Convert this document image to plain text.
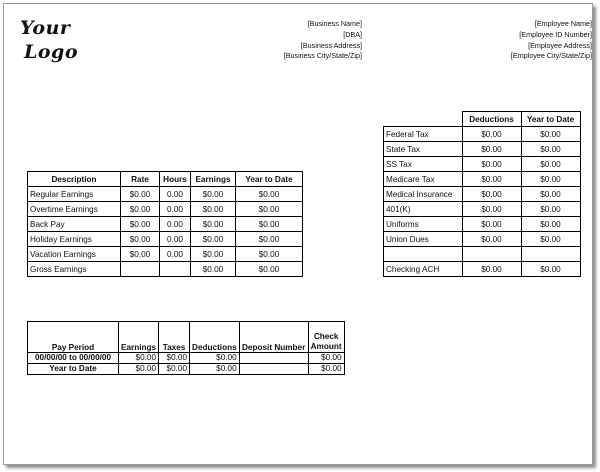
Your
Logo
[Business Name]
[DBA]
[Business Address]
[Business City/State/Zip]
[Employee Name]
[Employee ID Number]
[Employee Address]
[Employee City/State/Zip]
Description	Rate	Hours	Earnings	Year to Date
Regular Earnings	$0.00	0.00	$0.00	$0.00
Overtime Earnings	$0.00	0.00	$0.00	$0.00
Back Pay	$0.00	0.00	$0.00	$0.00
Holiday Earnings	$0.00	0.00	$0.00	$0.00
Vacation Earnings	$0.00	0.00	$0.00	$0.00
Gross Earnings			$0.00	$0.00
	Deductions	Year to Date
Federal Tax	$0.00	$0.00
State Tax	$0.00	$0.00
SS Tax	$0.00	$0.00
Medicare Tax	$0.00	$0.00
Medical Insurance	$0.00	$0.00
401(K)	$0.00	$0.00
Uniforms	$0.00	$0.00
Union Dues	$0.00	$0.00

Checking ACH	$0.00	$0.00
Pay Period	Earnings	Taxes	Deductions	Deposit Number	Check Amount
00/00/00 to 00/00/00	$0.00	$0.00	$0.00		$0.00
Year to Date	$0.00	$0.00	$0.00		$0.00
